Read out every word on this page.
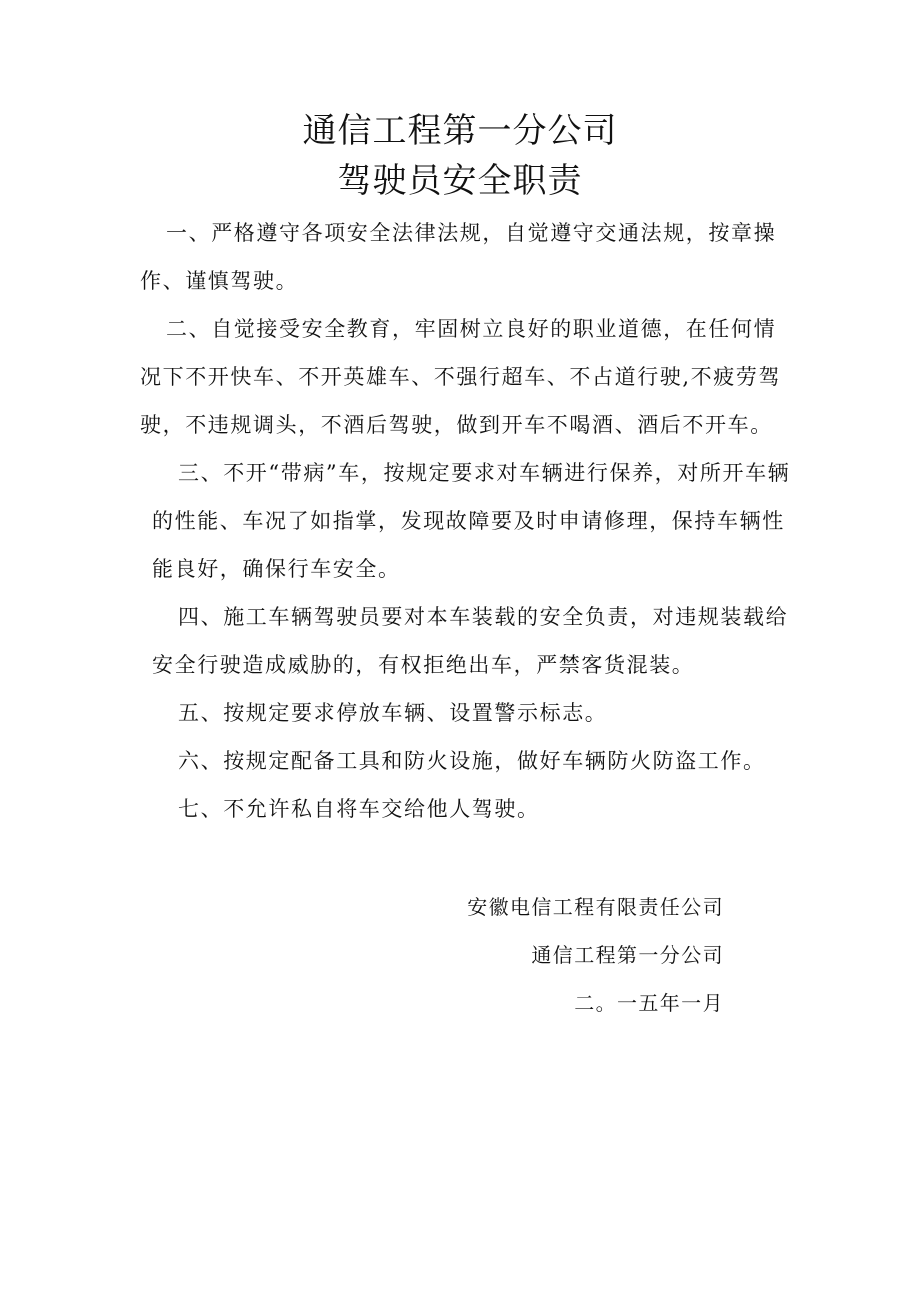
通信工程第一分公司
驾驶员安全职责

一、严格遵守各项安全法律法规，自觉遵守交通法规，按章操作、谨慎驾驶。

二、自觉接受安全教育，牢固树立良好的职业道德，在任何情况下不开快车、不开英雄车、不强行超车、不占道行驶,不疲劳驾驶，不违规调头，不酒后驾驶，做到开车不喝酒、酒后不开车。

三、不开“带病”车，按规定要求对车辆进行保养，对所开车辆的性能、车况了如指掌，发现故障要及时申请修理，保持车辆性能良好，确保行车安全。

四、施工车辆驾驶员要对本车装载的安全负责，对违规装载给安全行驶造成威胁的，有权拒绝出车，严禁客货混装。

五、按规定要求停放车辆、设置警示标志。

六、按规定配备工具和防火设施，做好车辆防火防盗工作。

七、不允许私自将车交给他人驾驶。

安徽电信工程有限责任公司

通信工程第一分公司

二。一五年一月
